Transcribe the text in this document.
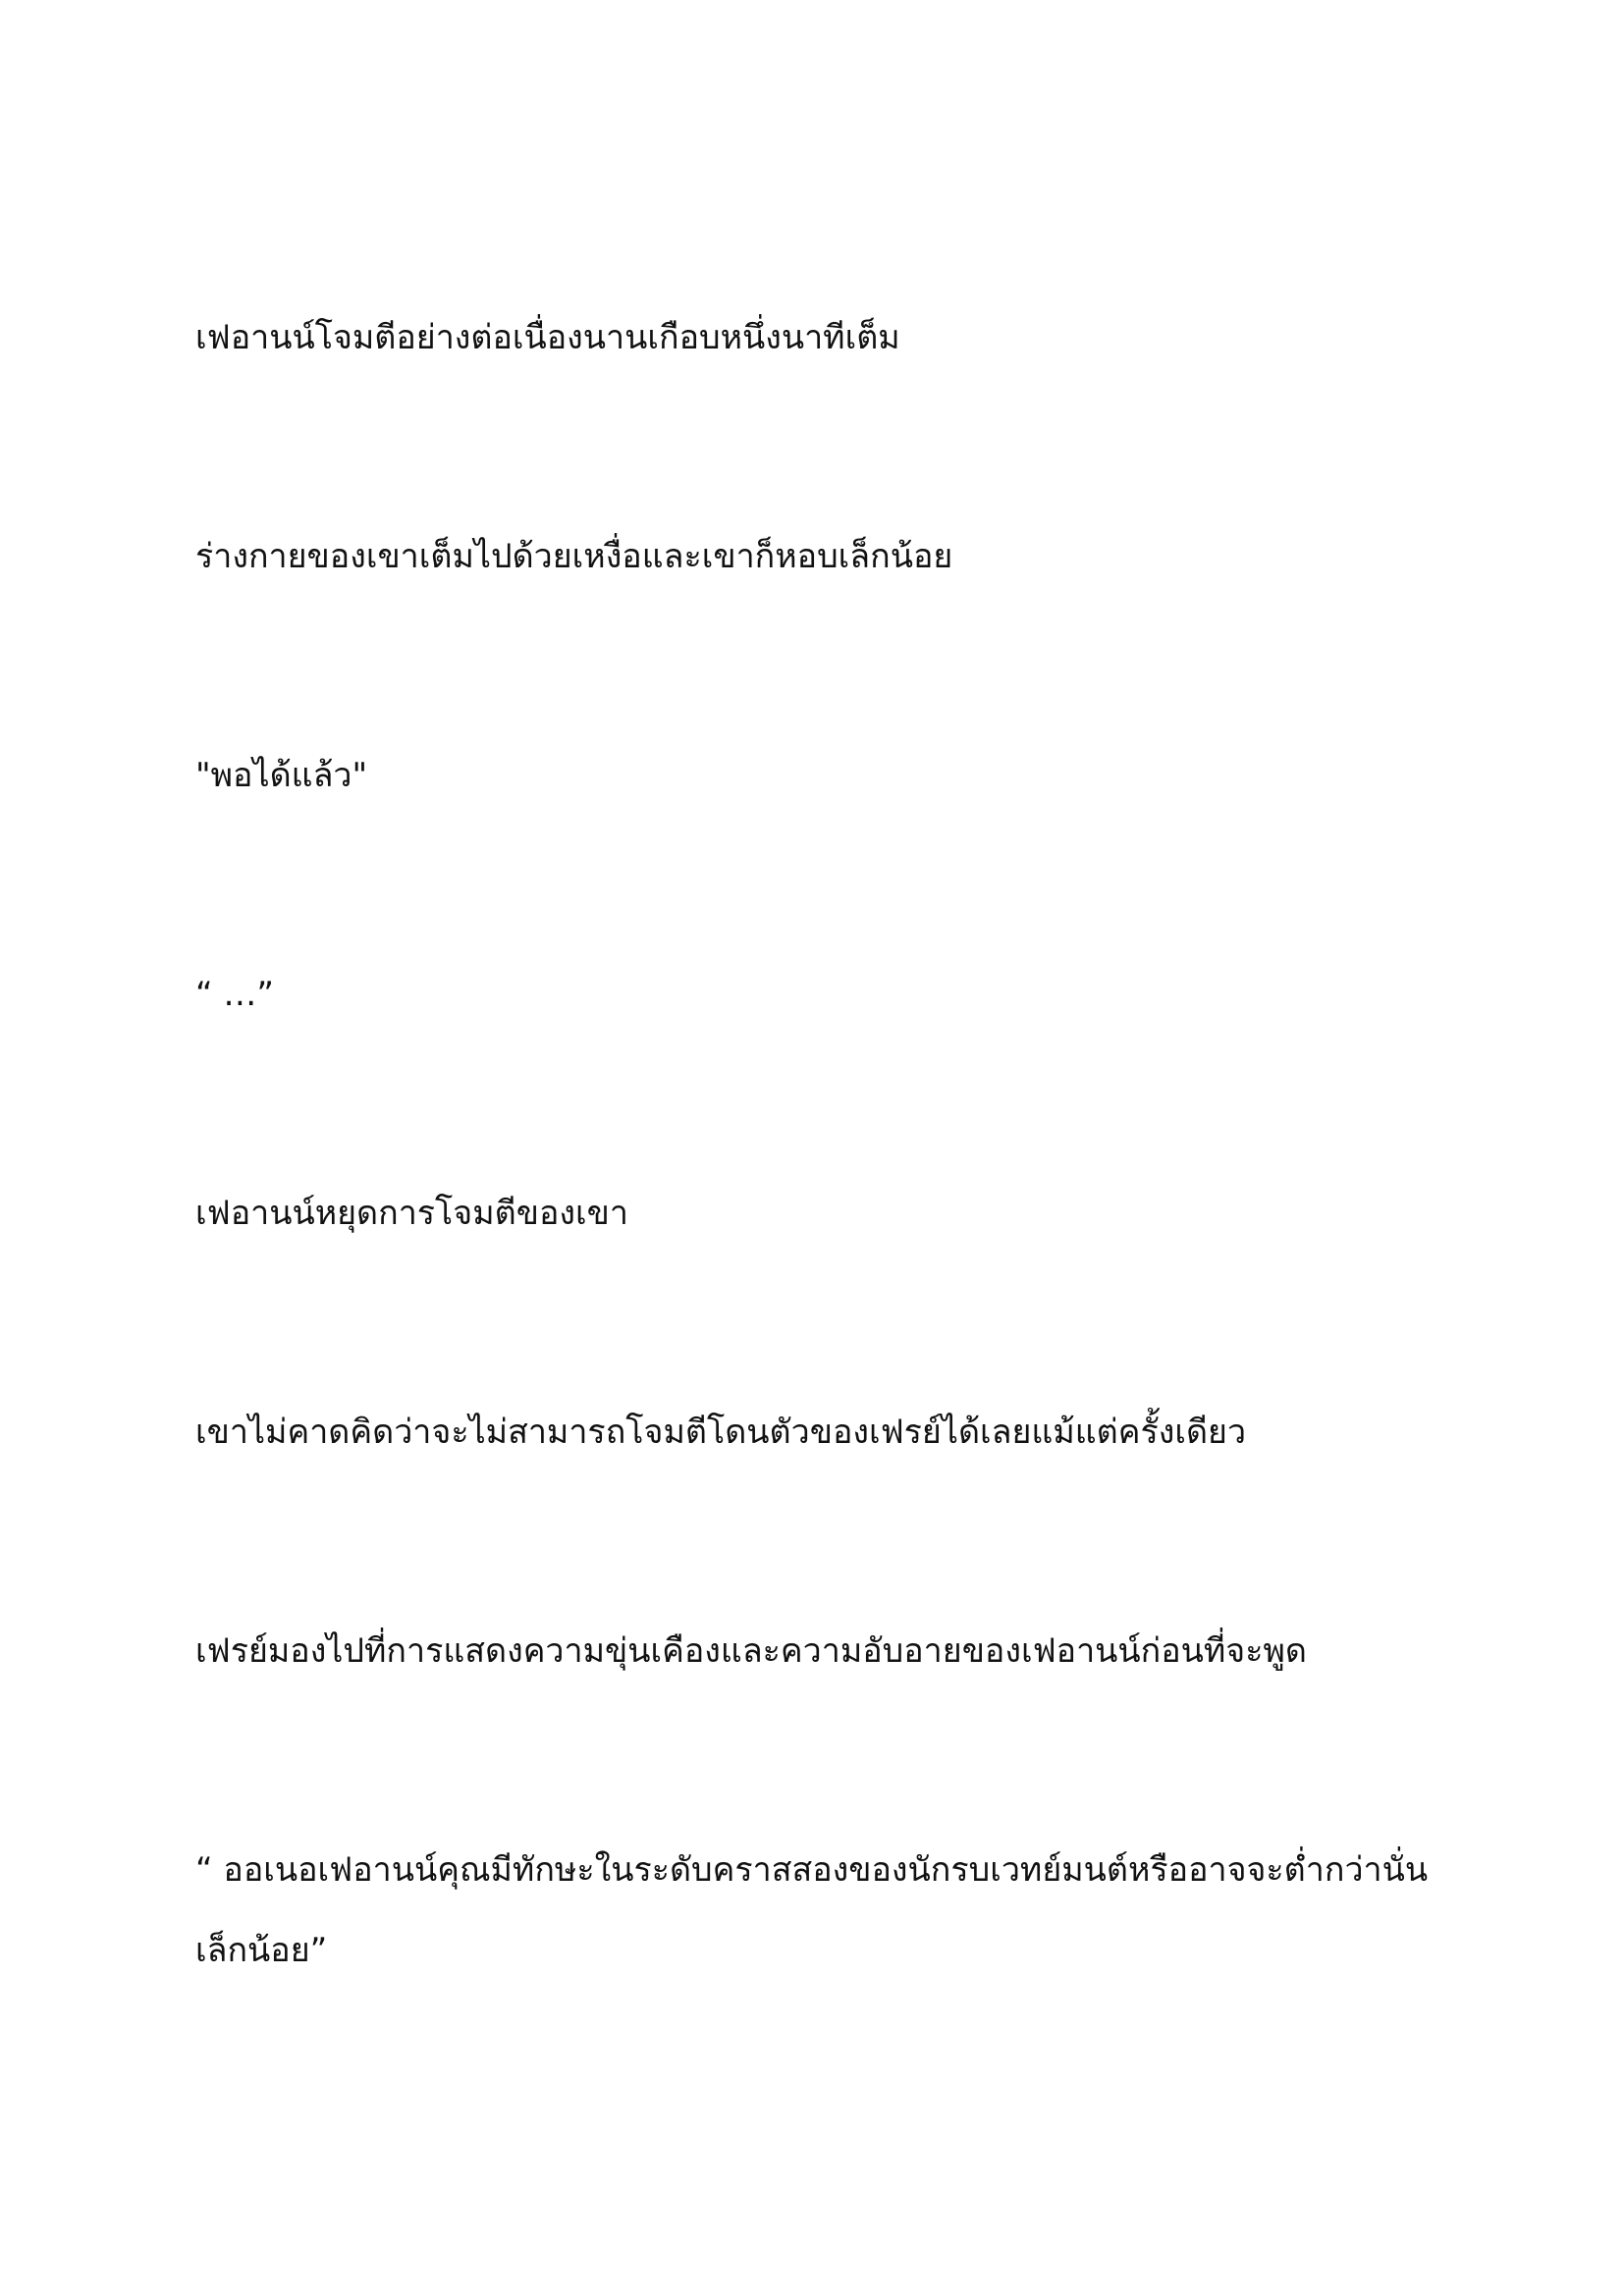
เฟอานน์โจมตีอย่างต่อเนื่องนานเกือบหนึ่งนาทีเต็ม

ร่างกายของเขาเต็มไปด้วยเหงื่อและเขาก็หอบเล็กน้อย

"พอได้แล้ว"

“ …”

เฟอานน์หยุดการโจมตีของเขา

เขาไม่คาดคิดว่าจะไม่สามารถโจมตีโดนตัวของเฟรย์ได้เลยแม้แต่ครั้งเดียว

เฟรย์มองไปที่การแสดงความขุ่นเคืองและความอับอายของเฟอานน์ก่อนที่จะพูด

“ ออเนอเฟอานน์คุณมีทักษะในระดับคราสสองของนักรบเวทย์มนต์หรืออาจจะต่ำกว่านั่นเล็กน้อย”
